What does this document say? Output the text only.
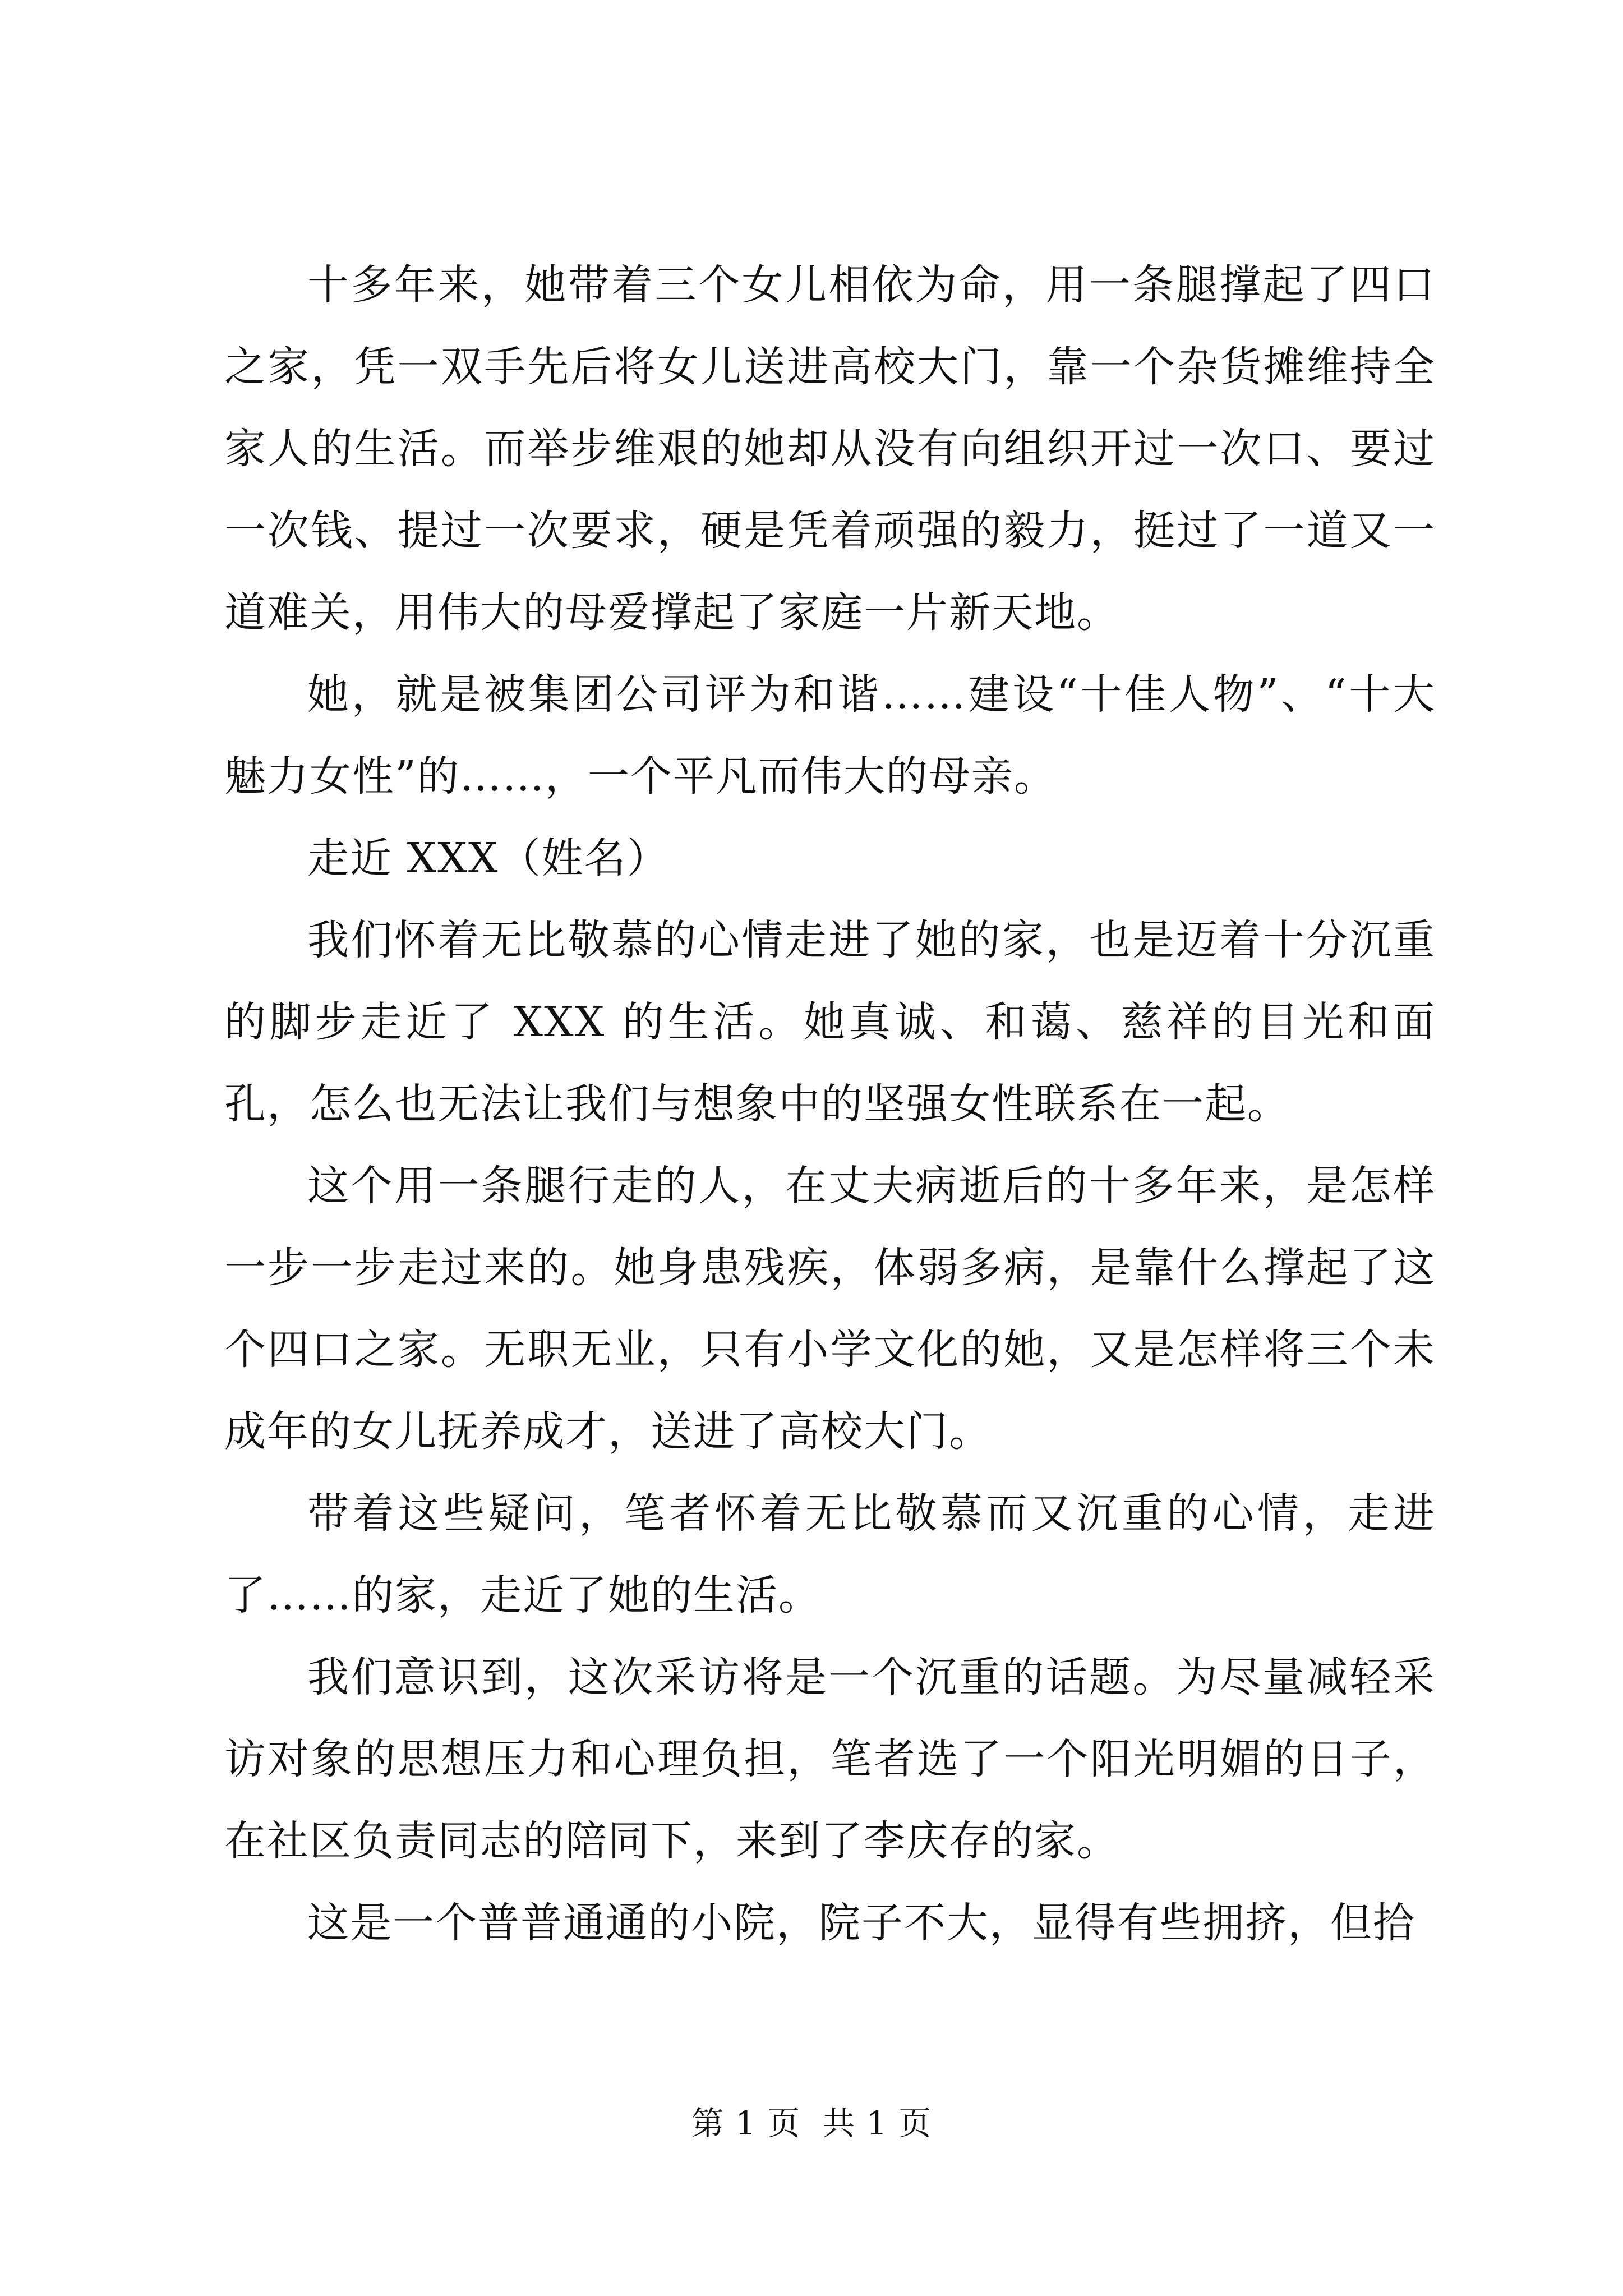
十多年来，她带着三个女儿相依为命，用一条腿撑起了四口之家，凭一双手先后将女儿送进高校大门，靠一个杂货摊维持全家人的生活。而举步维艰的她却从没有向组织开过一次口、要过一次钱、提过一次要求，硬是凭着顽强的毅力，挺过了一道又一道难关，用伟大的母爱撑起了家庭一片新天地。

她，就是被集团公司评为和谐……建设“十佳人物”、“十大魅力女性”的……，一个平凡而伟大的母亲。

走近 XXX（姓名）

我们怀着无比敬慕的心情走进了她的家，也是迈着十分沉重的脚步走近了 XXX 的生活。她真诚、和蔼、慈祥的目光和面孔，怎么也无法让我们与想象中的坚强女性联系在一起。

这个用一条腿行走的人，在丈夫病逝后的十多年来，是怎样一步一步走过来的。她身患残疾，体弱多病，是靠什么撑起了这个四口之家。无职无业，只有小学文化的她，又是怎样将三个未成年的女儿抚养成才，送进了高校大门。

带着这些疑问，笔者怀着无比敬慕而又沉重的心情，走进了……的家，走近了她的生活。

我们意识到，这次采访将是一个沉重的话题。为尽量减轻采访对象的思想压力和心理负担，笔者选了一个阳光明媚的日子，在社区负责同志的陪同下，来到了李庆存的家。

这是一个普普通通的小院，院子不大，显得有些拥挤，但拾

第 1 页  共 1 页
